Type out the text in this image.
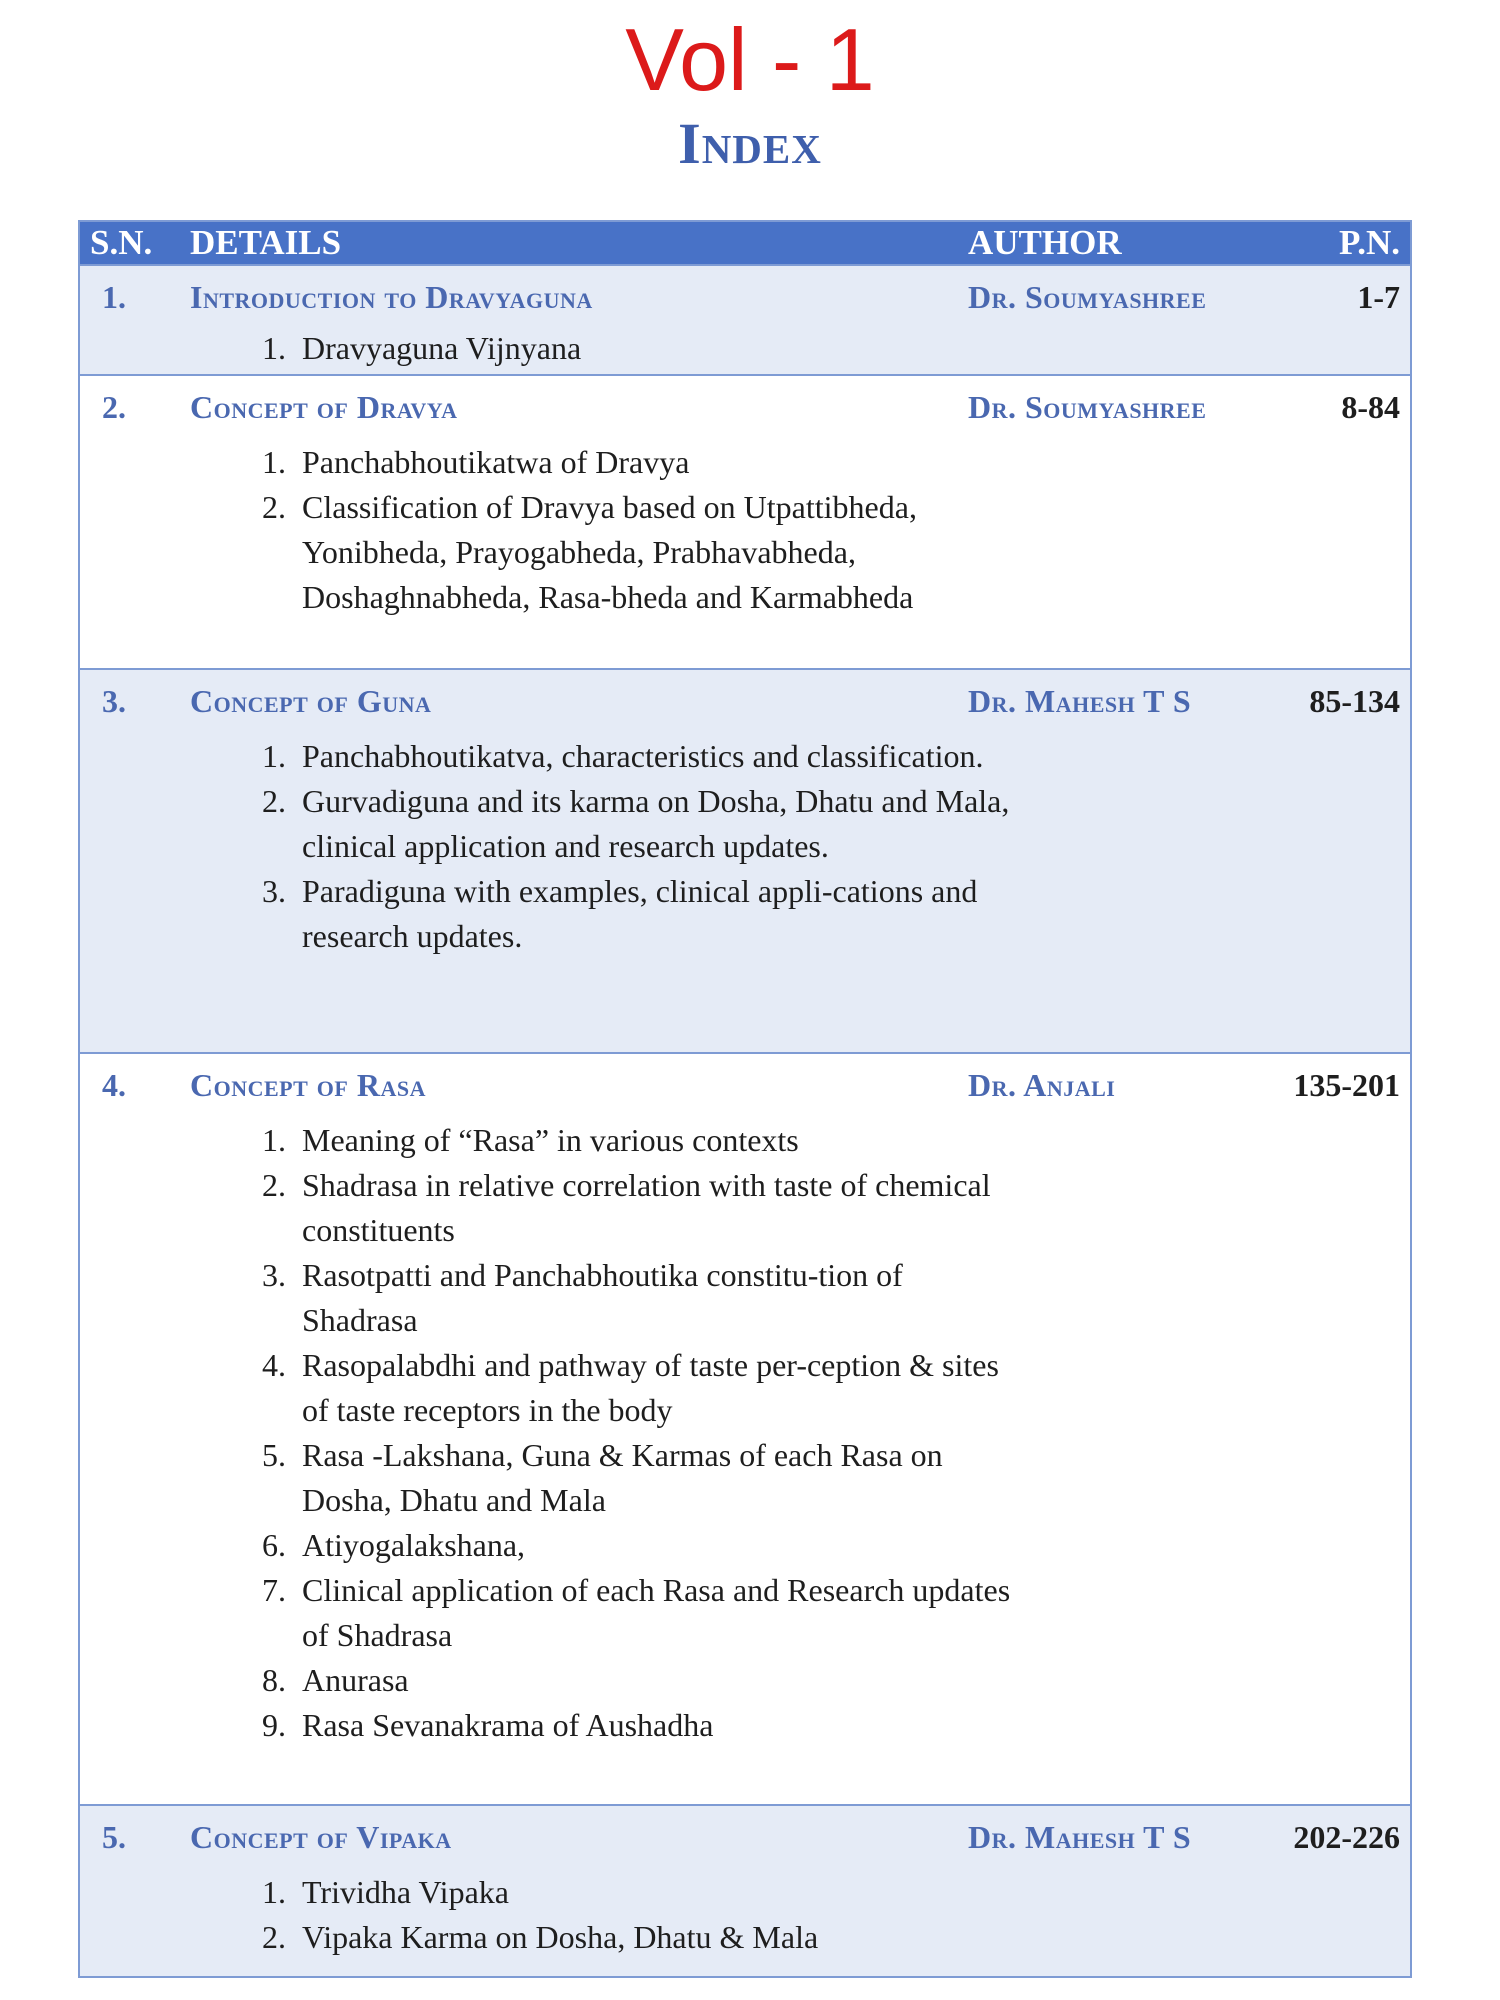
Vol - 1
Index
S.N. DETAILS	AUTHOR	P.N.
1. Introduction to Dravyaguna	Dr. Soumyashree	1-7
1. Dravyaguna Vijnyana
2. Concept of Dravya	Dr. Soumyashree	8-84
1. Panchabhoutikatwa of Dravya
2. Classification of Dravya based on Utpattibheda, Yonibheda, Prayogabheda, Prabhavabheda, Doshaghnabheda, Rasa-bheda and Karmabheda
3. Concept of Guna	Dr. Mahesh T S	85-134
1. Panchabhoutikatva, characteristics and classification.
2. Gurvadiguna and its karma on Dosha, Dhatu and Mala, clinical application and research updates.
3. Paradiguna with examples, clinical appli-cations and research updates.
4. Concept of Rasa	Dr. Anjali	135-201
1. Meaning of “Rasa” in various contexts
2. Shadrasa in relative correlation with taste of chemical constituents
3. Rasotpatti and Panchabhoutika constitu-tion of Shadrasa
4. Rasopalabdhi and pathway of taste per-ception & sites of taste receptors in the body
5. Rasa -Lakshana, Guna & Karmas of each Rasa on Dosha, Dhatu and Mala
6. Atiyogalakshana,
7. Clinical application of each Rasa and Research updates of Shadrasa
8. Anurasa
9. Rasa Sevanakrama of Aushadha
5. Concept of Vipaka	Dr. Mahesh T S	202-226
1. Trividha Vipaka
2. Vipaka Karma on Dosha, Dhatu & Mala
